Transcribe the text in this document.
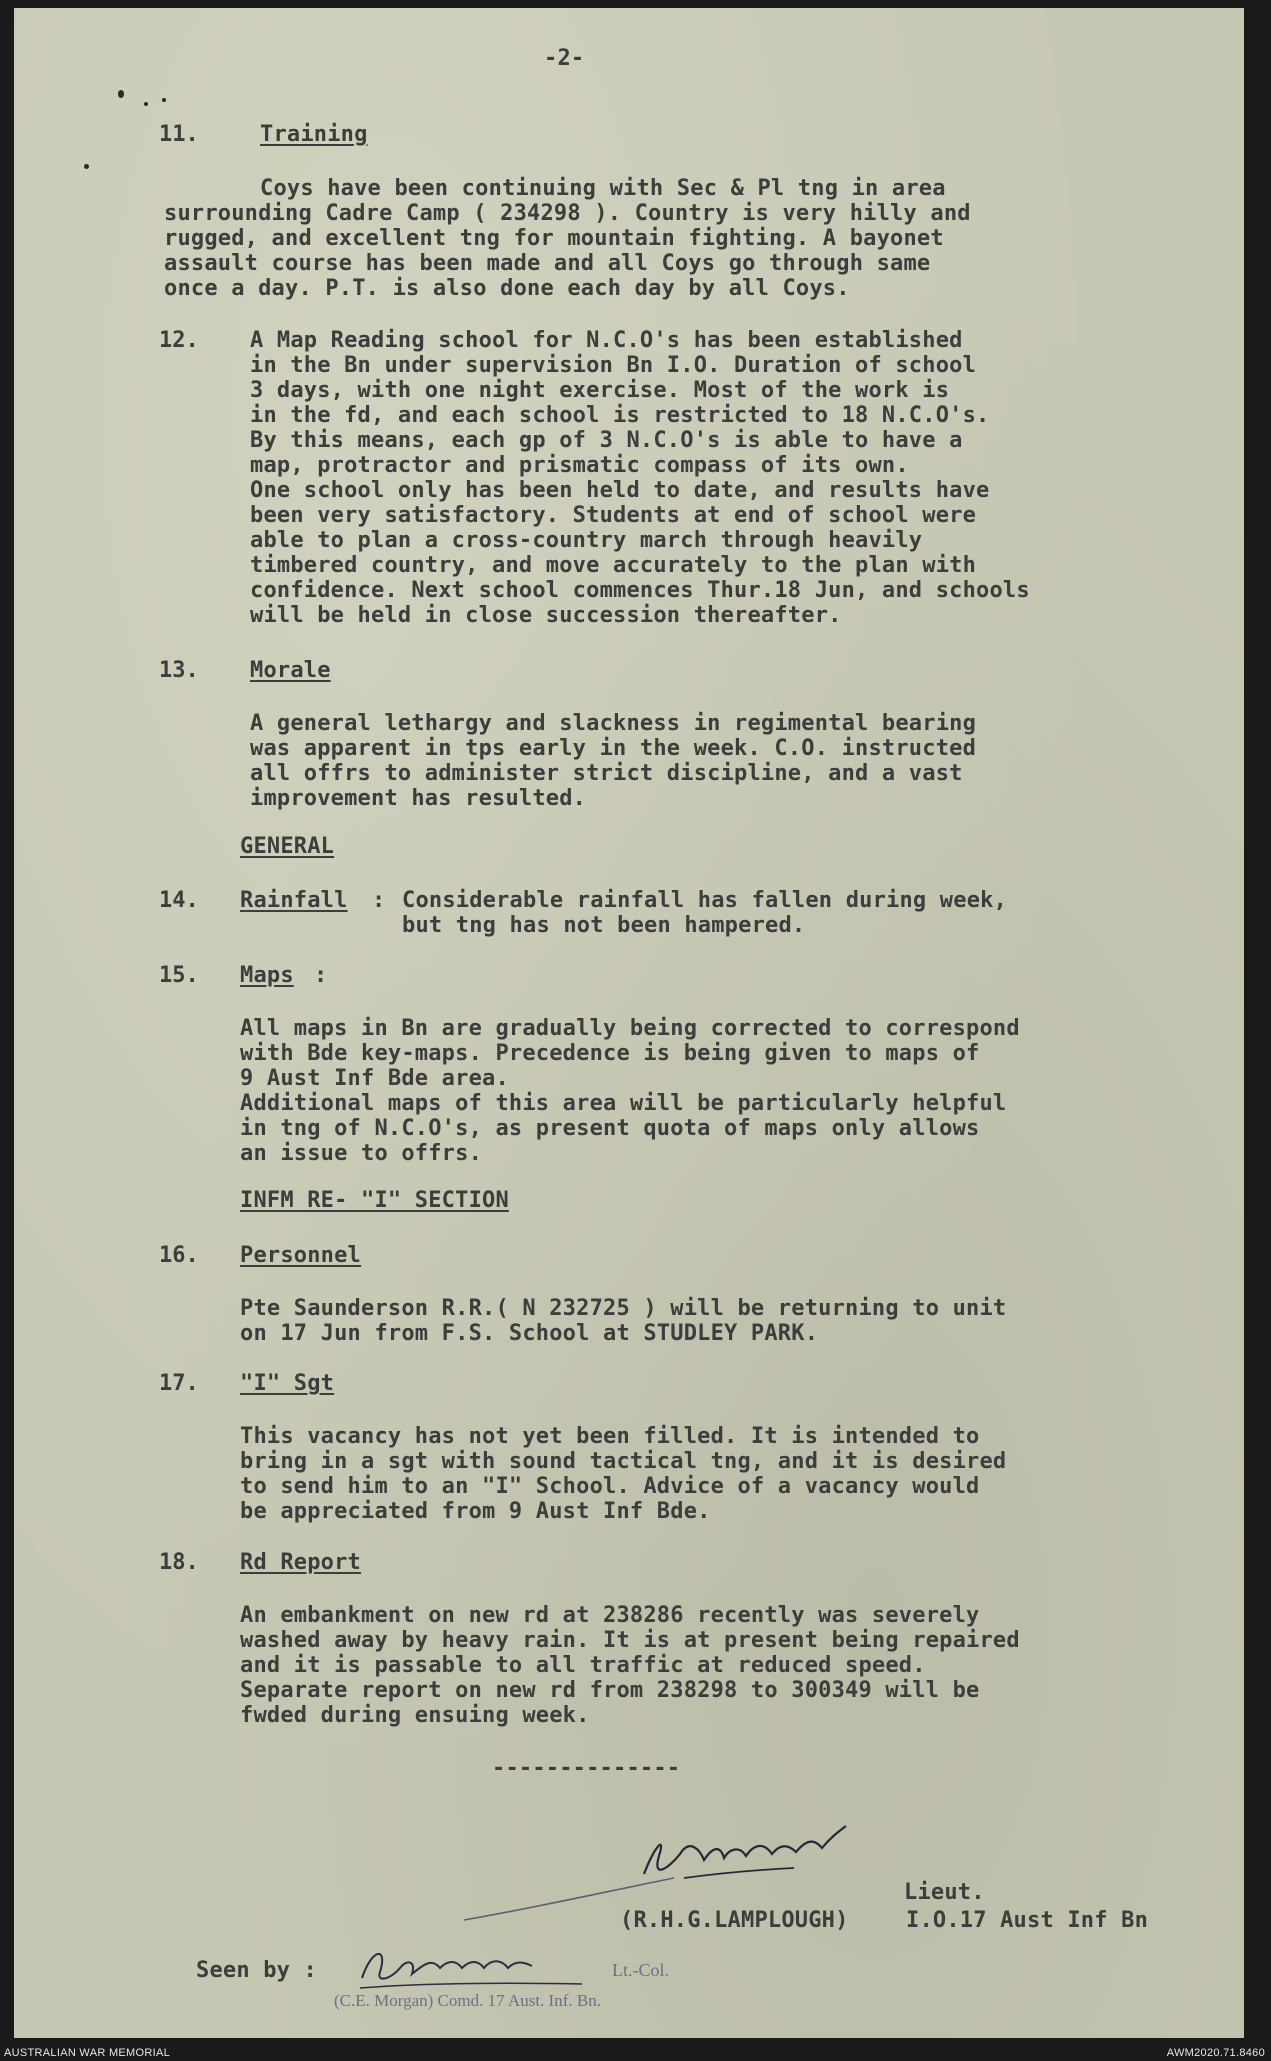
-2-
11.	Training
Coys have been continuing with Sec & Pl tng in area
surrounding Cadre Camp ( 234298 ). Country is very hilly and
rugged, and excellent tng for mountain fighting. A bayonet
assault course has been made and all Coys go through same
once a day. P.T. is also done each day by all Coys.
12. A Map Reading school for N.C.O's has been established
in the Bn under supervision Bn I.O. Duration of school
3 days, with one night exercise. Most of the work is
in the fd, and each school is restricted to 18 N.C.O's.
By this means, each gp of 3 N.C.O's is able to have a
map, protractor and prismatic compass of its own.
One school only has been held to date, and results have
been very satisfactory. Students at end of school were
able to plan a cross-country march through heavily
timbered country, and move accurately to the plan with
confidence. Next school commences Thur.18 Jun, and schools
will be held in close succession thereafter.
13. Morale
A general lethargy and slackness in regimental bearing
was apparent in tps early in the week. C.O. instructed
all offrs to administer strict discipline, and a vast
improvement has resulted.
GENERAL
14. Rainfall : Considerable rainfall has fallen during week,
but tng has not been hampered.
15. Maps :
All maps in Bn are gradually being corrected to correspond
with Bde key-maps. Precedence is being given to maps of
9 Aust Inf Bde area.
Additional maps of this area will be particularly helpful
in tng of N.C.O's, as present quota of maps only allows
an issue to offrs.
INFM RE- "I" SECTION
16. Personnel
Pte Saunderson R.R.( N 232725 ) will be returning to unit
on 17 Jun from F.S. School at STUDLEY PARK.
17. "I" Sgt
This vacancy has not yet been filled. It is intended to
bring in a sgt with sound tactical tng, and it is desired
to send him to an "I" School. Advice of a vacancy would
be appreciated from 9 Aust Inf Bde.
18. Rd Report
An embankment on new rd at 238286 recently was severely
washed away by heavy rain. It is at present being repaired
and it is passable to all traffic at reduced speed.
Separate report on new rd from 238298 to 300349 will be
fwded during ensuing week.
--------------
Lieut.
(R.H.G.LAMPLOUGH)	I.O.17 Aust Inf Bn
Seen by :	Lt.-Col.
(C.E. Morgan) Comd. 17 Aust. Inf. Bn.
AUSTRALIAN WAR MEMORIAL	AWM2020.71.8460
